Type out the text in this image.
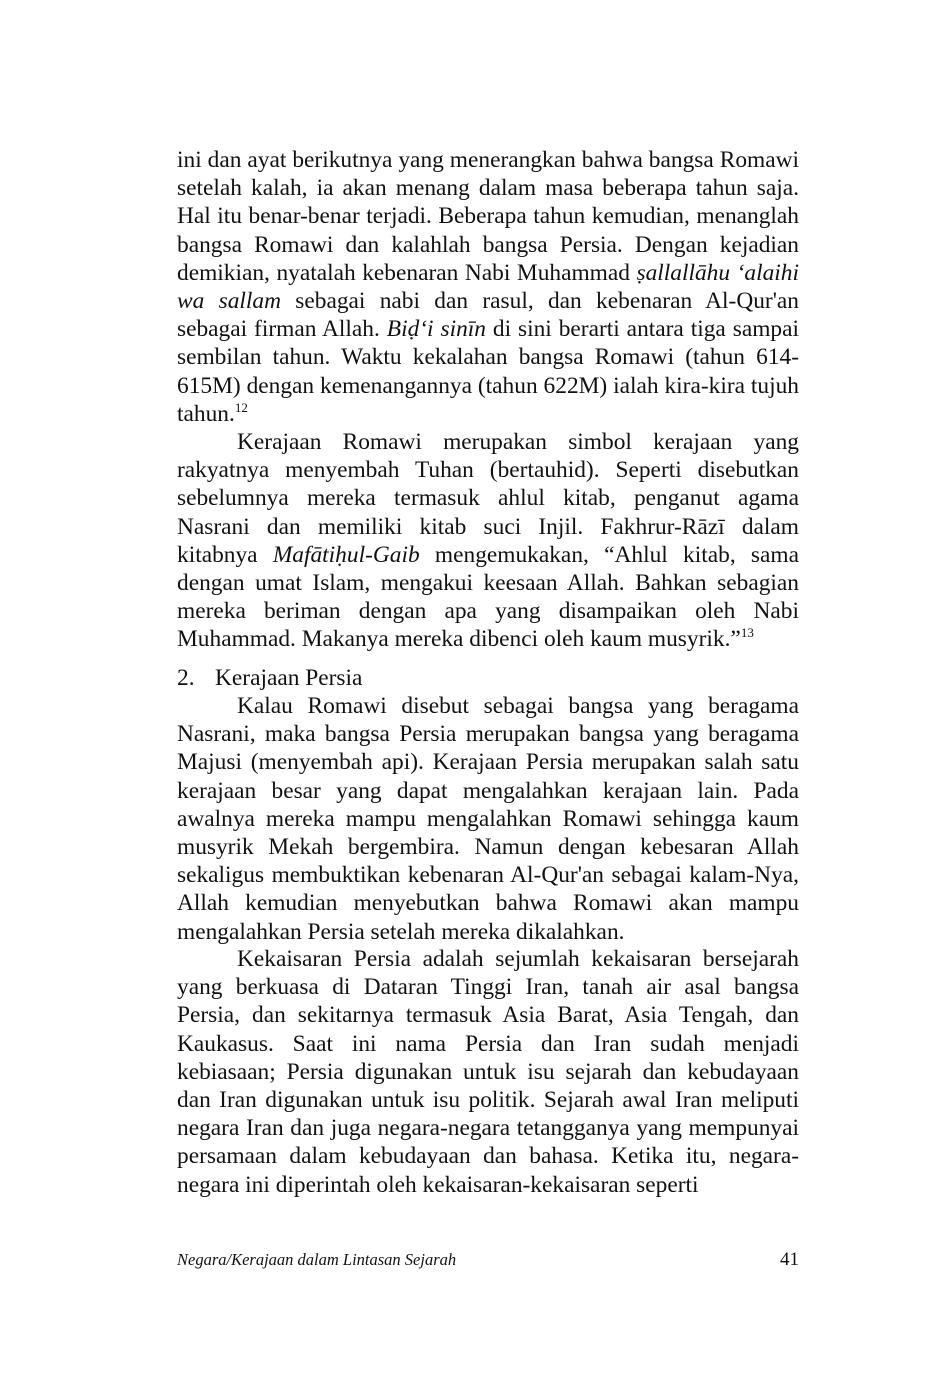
ini dan ayat berikutnya yang menerangkan bahwa bangsa Romawi setelah kalah, ia akan menang dalam masa beberapa tahun saja. Hal itu benar-benar terjadi. Beberapa tahun kemudian, menanglah bangsa Romawi dan kalahlah bangsa Persia. Dengan kejadian demikian, nyatalah kebenaran Nabi Muhammad ṣallallāhu ‘alaihi wa sallam sebagai nabi dan rasul, dan kebenaran Al-Qur'an sebagai firman Allah. Biḍ‘i sinīn di sini berarti antara tiga sampai sembilan tahun. Waktu kekalahan bangsa Romawi (tahun 614-615M) dengan kemenangannya (tahun 622M) ialah kira-kira tujuh tahun.$^{12}$

Kerajaan Romawi merupakan simbol kerajaan yang rakyatnya menyembah Tuhan (bertauhid). Seperti disebutkan sebelumnya mereka termasuk ahlul kitab, penganut agama Nasrani dan memiliki kitab suci Injil. Fakhrur-Rāzī dalam kitabnya Mafātiḥul-Gaib mengemukakan, “Ahlul kitab, sama dengan umat Islam, mengakui keesaan Allah. Bahkan sebagian mereka beriman dengan apa yang disampaikan oleh Nabi Muhammad. Makanya mereka dibenci oleh kaum musyrik.”$^{13}$

2. Kerajaan Persia

Kalau Romawi disebut sebagai bangsa yang beragama Nasrani, maka bangsa Persia merupakan bangsa yang beragama Majusi (menyembah api). Kerajaan Persia merupakan salah satu kerajaan besar yang dapat mengalahkan kerajaan lain. Pada awalnya mereka mampu mengalahkan Romawi sehingga kaum musyrik Mekah bergembira. Namun dengan kebesaran Allah sekaligus membuktikan kebenaran Al-Qur'an sebagai kalam-Nya, Allah kemudian menyebutkan bahwa Romawi akan mampu mengalahkan Persia setelah mereka dikalahkan.

Kekaisaran Persia adalah sejumlah kekaisaran bersejarah yang berkuasa di Dataran Tinggi Iran, tanah air asal bangsa Persia, dan sekitarnya termasuk Asia Barat, Asia Tengah, dan Kaukasus. Saat ini nama Persia dan Iran sudah menjadi kebiasaan; Persia digunakan untuk isu sejarah dan kebudayaan dan Iran digunakan untuk isu politik. Sejarah awal Iran meliputi negara Iran dan juga negara-negara tetangganya yang mempunyai persamaan dalam kebudayaan dan bahasa. Ketika itu, negara-negara ini diperintah oleh kekaisaran-kekaisaran seperti

Negara/Kerajaan dalam Lintasan Sejarah	41
